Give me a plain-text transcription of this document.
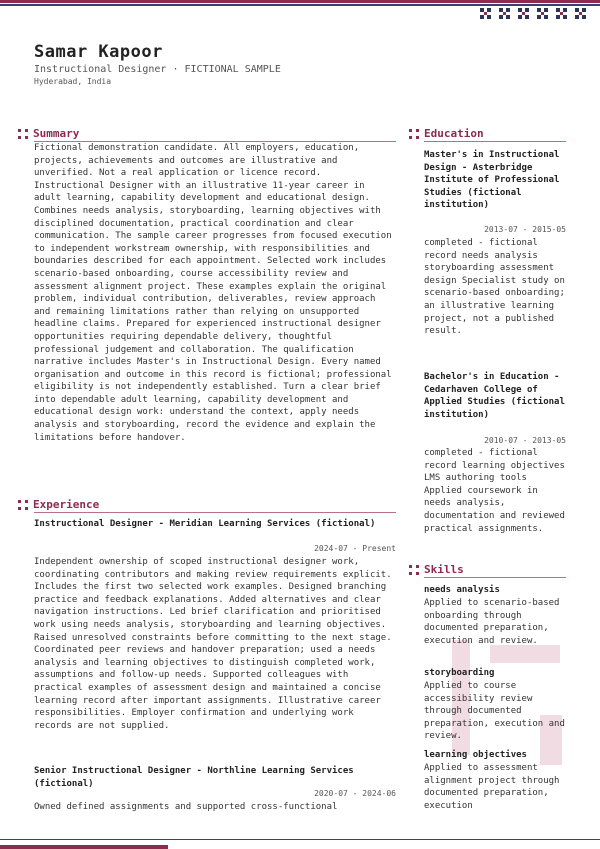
Samar Kapoor
Instructional Designer · FICTIONAL SAMPLE
Hyderabad, India
Summary
Fictional demonstration candidate. All employers, education, projects, achievements and outcomes are illustrative and unverified. Not a real application or licence record. Instructional Designer with an illustrative 11-year career in adult learning, capability development and educational design. Combines needs analysis, storyboarding, learning objectives with disciplined documentation, practical coordination and clear communication. The sample career progresses from focused execution to independent workstream ownership, with responsibilities and boundaries described for each appointment. Selected work includes scenario-based onboarding, course accessibility review and assessment alignment project. These examples explain the original problem, individual contribution, deliverables, review approach and remaining limitations rather than relying on unsupported headline claims. Prepared for experienced instructional designer opportunities requiring dependable delivery, thoughtful professional judgement and collaboration. The qualification narrative includes Master's in Instructional Design. Every named organisation and outcome in this record is fictional; professional eligibility is not independently established. Turn a clear brief into dependable adult learning, capability development and educational design work: understand the context, apply needs analysis and storyboarding, record the evidence and explain the limitations before handover.
Experience
Instructional Designer - Meridian Learning Services (fictional)
2024-07 - Present
Independent ownership of scoped instructional designer work, coordinating contributors and making review requirements explicit. Includes the first two selected work examples. Designed branching practice and feedback explanations. Added alternatives and clear navigation instructions. Led brief clarification and prioritised work using needs analysis, storyboarding and learning objectives. Raised unresolved constraints before committing to the next stage. Coordinated peer reviews and handover preparation; used a needs analysis and learning objectives to distinguish completed work, assumptions and follow-up needs. Supported colleagues with practical examples of assessment design and maintained a concise learning record after important assignments. Illustrative career responsibilities. Employer confirmation and underlying work records are not supplied.
Senior Instructional Designer - Northline Learning Services (fictional)
2020-07 - 2024-06
Owned defined assignments and supported cross-functional
Education
Master's in Instructional Design - Asterbridge Institute of Professional Studies (fictional institution)
2013-07 - 2015-05
completed - fictional record needs analysis storyboarding assessment design Specialist study on scenario-based onboarding; an illustrative learning project, not a published result.
Bachelor's in Education - Cedarhaven College of Applied Studies (fictional institution)
2010-07 - 2013-05
completed - fictional record learning objectives LMS authoring tools Applied coursework in needs analysis, documentation and reviewed practical assignments.
Skills
needs analysis
Applied to scenario-based onboarding through documented preparation, execution and review.
storyboarding
Applied to course accessibility review through documented preparation, execution and review.
learning objectives
Applied to assessment alignment project through documented preparation, execution
